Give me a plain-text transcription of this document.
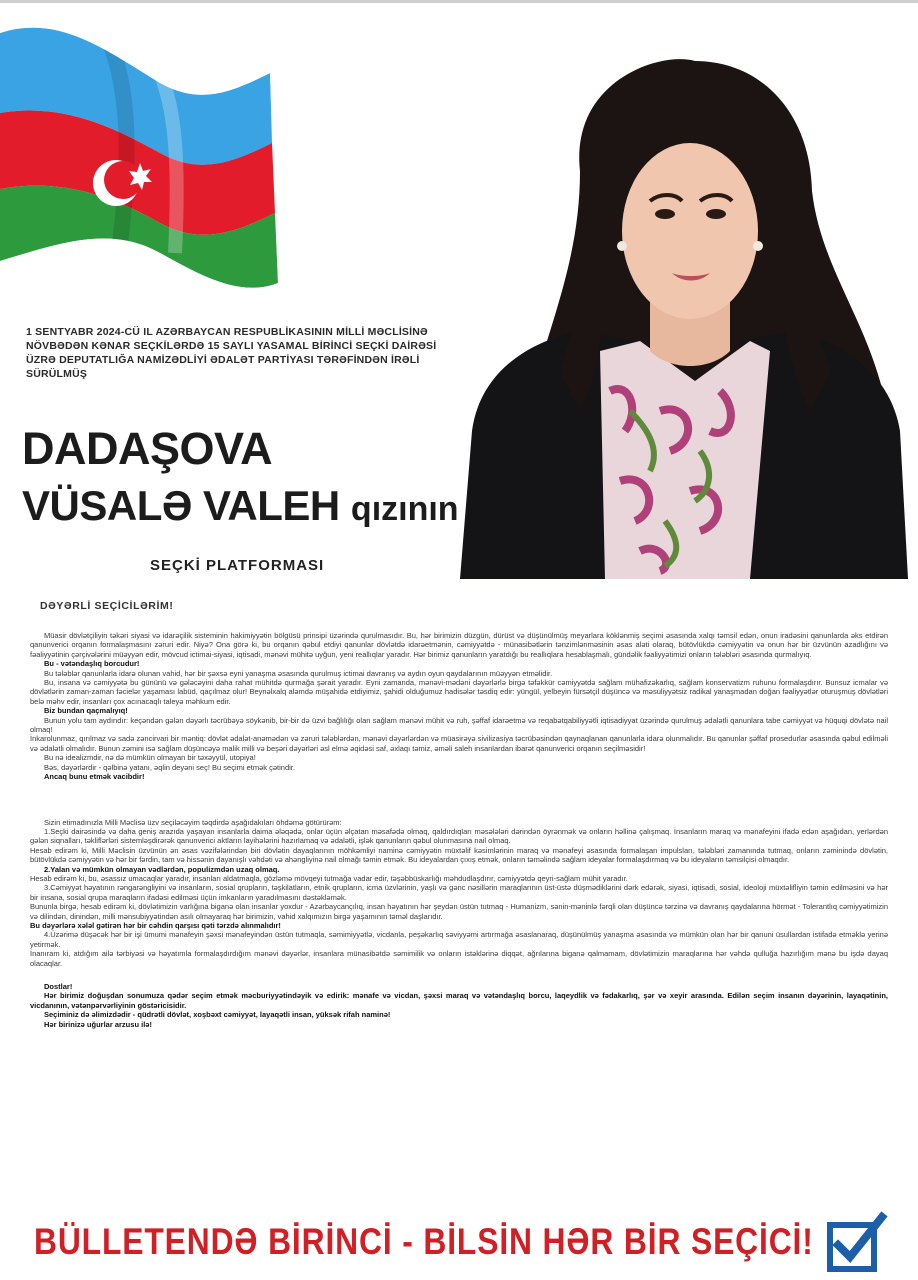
1 SENTYABR 2024-CÜ IL AZƏRBAYCAN RESPUBLİKASININ MİLLİ MƏCLİSİNƏ NÖVBƏDƏN KƏNAR SEÇKİLƏRDƏ 15 SAYLI YASAMAL BİRİNCİ SEÇKİ DAİRƏSİ ÜZRƏ DEPUTATLIĞA NAMİZƏDLİYİ ƏDALƏT PARTİYASI TƏRƏFİNDƏN İRƏLİ SÜRÜLMÜŞ
DADAŞOVA
VÜSALƏ VALEH qızının
SEÇKİ PLATFORMASI
DƏYƏRLİ SEÇİCİLƏRİM!

Müasir dövlətçiliyin təkəri siyasi və idarəçilik sisteminin hakimiyyətin bölgüsü prinsipi üzərində qurulmasıdır. Bu, hər birimizin düzgün, dürüst və düşünülmüş meyarlara köklənmiş seçimi əsasında xalqı təmsil edən, onun iradəsini qanunlarda əks etdirən qanunverici orqanın formalaşmasını zəruri edir. Niyə? Ona görə ki, bu orqanın qəbul etdiyi qanunlar dövlətdə idarəetmənin, cəmiyyətdə - münasibətlərin tənzimlənməsinin əsas aləti olaraq, bütövlükdə cəmiyyətin və onun hər bir üzvünün azadlığını və fəaliyyətinin çərçivələrini müəyyən edir, mövcud ictimai-siyasi, iqtisadi, mənəvi mühitə uyğun, yeni reallıqlar yaradır. Hər birimiz qanunların yaratdığı bu reallıqlara hesablaşmalı, gündəlik fəaliyyətimizi onların tələbləri əsasında qurmalıyıq.

Bu - vətəndaşlıq borcudur!

Bu tələblər qanunlarla idarə olunan vahid, hər bir şəxsə eyni yanaşma əsasında qurulmuş ictimai davranış və aydın oyun qaydalarının müəyyən etməlidir.

Bu, insana və cəmiyyətə bu gününü və gələcəyini daha rahat mühitdə qurmağa şərait yaradır. Eyni zamanda, mənəvi-mədəni dəyərlərlə birgə təfəkkür cəmiyyətdə sağlam mühafizəkarlıq, sağlam konservatizm ruhunu formalaşdırır. Bunsuz icmalar və dövlətlərin zaman-zaman fəcielər yaşaması labüd, qaçılmaz olur! Beynəlxalq aləmdə müşahidə etdiyimiz, şahidi olduğumuz hadisələr təsdiq edir: yüngül, yelbeyin fürsətçil düşüncə və məsuliyyətsiz radikal yanaşmadan doğan fəaliyyətlər oturuşmuş dövlətləri belə məhv edir, insanları çox acınacaqlı taleyə məhkum edir.

Biz bundan qaçmalıyıq!

Bunun yolu tam aydındır: keçəndən gələn dəyərlı təcrübəyə söykənib, bir-bir də üzvi bağlılığı olan sağlam mənəvi mühit və ruh, şəffaf idarəetmə və reqabətqabiliyyətli iqtisadiyyat üzərində qurulmuş ədalətli qanunlara tabe cəmiyyət və hüquqi dövlətə nail olmaq!

İnkarolunmaz, qırılmaz və sadə zəncirvari bir məntiq: dövlət ədalət-anəmədən və zəruri tələblərdən, mənəvi dəyərlərdən və müasirəyə sivilizasiya təcrübəsindən qaynaqlanan qanunlarla idarə olunmalıdır. Bu qanunlar şəffaf prosedurlar əsasında qəbul edilməli və ədalətli olmalıdır. Bunun zəmini isə sağlam düşüncəyə malik milli və beşəri dəyərləri əsl elmə əqidəsi saf, əxlaqı təmiz, əməli saleh insanlardan ibarət qanunverici orqanın seçilməsidir!

Bu nə idealizmdir, nə də mümkün olmayan bir təxəyyül, utopiya!

Bəs, dəyərlərdir - qəlbinə yatanı, əqlin deyəni seç! Bu seçimi etmək çətindir.

Ancaq bunu etmək vacibdir!

Sizin etimadınızla Milli Məclisə üzv seçiləcəyim təqdirdə aşağıdakıları öhdəmə götürürəm:

1.Seçki dairəsində və daha geniş arazıda yaşayan insanlarla daima ələqədə, onlar üçün əlçatan məsafədə olmaq, qaldırdıqları məsələləri dərindən öyrənmək və onların həllinə çalışmaq. İnsanların maraq və mənafeyini ifadə edən aşağıdan, yerlərdən gələn siqnalları, təkliflərləri sistemləşdirərək qanunverici aktların layihələrini hazırlamaq və ədalətli, işlək qanunların qəbul olunmasına nail olmaq.

Hesab edirəm ki, Milli Məclisin üzvünün ən əsas vəzifələrindən biri dövlətin dayaqlarının möhkəmliyi naminə cəmiyyətin müxtəlif kəsimlərinin maraq və mənafeyi əsasında formalaşan impulsları, tələbləri zamanında tutmaq, onların zəminində dövlətin, bütövlükdə cəmiyyətin və hər bir fərdin, tam və hissənin dayanışlı vəhdəti və ahəngliyinə nail olmağı təmin etmək. Bu ideyalardan çıxış etmək, onların təməlində sağlam ideyalar formalaşdırmaq və bu ideyaların təmsilçisi olmaqdır.

2.Yalan və mümkün olmayan vədlərdən, populizmdən uzaq olmaq.

Hesab edirəm ki, bu, əsassız umacaqlar yaradır, insanları aldatmaqla, gözləmə mövqeyi tutmağa vadar edir, təşəbbüskarlığı məhdudlaşdırır, cəmiyyətdə qeyri-sağlam mühit yaradır.

3.Cəmiyyət həyatının rəngarəngliyini və insanların, sosial qrupların, təşkilatların, etnik qrupların, icma üzvlərinin, yaşlı və gənc nəsillərin maraqlarının üst-üstə düşmədiklərini dərk edərək, siyasi, iqtisadi, sosial, ideoloji müxtəlifliyin təmin edilməsini və hər bir insana, sosial qrupa maraqların ifadəsi edilməsi üçün imkanların yaradılmasını dəstəkləmək.

Bununla birgə, hesab edirəm ki, dövlətimizin varlığına biganə olan insanlar yoxdur - Azərbaycançılıq, insan həyatının hər şeydən üstün tutmaq - Humanizm, sənin-məninlə fərqli olan düşüncə tərzinə və davranış qaydalarına hörmət - Tolerantlıq cəmiyyətimizin və dilindən, dinindən, milli mənsubiyyətindən asılı olmayaraq hər birimizin, vahid xalqımızın birgə yaşamının təməl daşlarıdır.

Bu dəyərlərə xələl gətirən hər bir cəhdin qarşısı qəti tərzdə alınmalıdır!

4.Üzərimə düşəcək hər bir işi ümumi mənafeyin şəxsi mənafeyindən üstün tutmaqla, səmimiyyətlə, vicdanla, peşəkarlıq səviyyəmi artırmağa əsaslanaraq, düşünülmüş yanaşma əsasında və mümkün olan hər bir qanuni üsullardan istifadə etməklə yerinə yetirmək.

İnanıram ki, atdığım ailə tərbiyəsi və həyatımla formalaşdırdığım mənəvi dəyərlər, insanlara münasibətdə səmimilik və onların istəklərinə diqqət, ağrılarına biganə qalmamam, dövlətimizin maraqlarına hər vəhdə qulluğa hazırlığım mənə bu işdə dayaq olacaqlar.

Dostlar!

Hər birimiz doğuşdan sonumuza qədər seçim etmək məcburiyyətindəyik və edirik: mənafe və vicdan, şəxsi maraq və vətəndaşlıq borcu, laqeydlik və fədakarlıq, şər və xeyir arasında. Edilən seçim insanın dəyərinin, layaqətinin, vicdanının, vətənpərvərliyinin göstəricisidir.

Seçiminiz də əlimizdədir - qüdrətli dövlət, xoşbəxt cəmiyyət, layaqətli insan, yüksək rifah naminə!

Hər birinizə uğurlar arzusu ilə!

BÜLLETENDƏ BİRİNCİ - BİLSİN HƏR BİR SEÇİCİ!
